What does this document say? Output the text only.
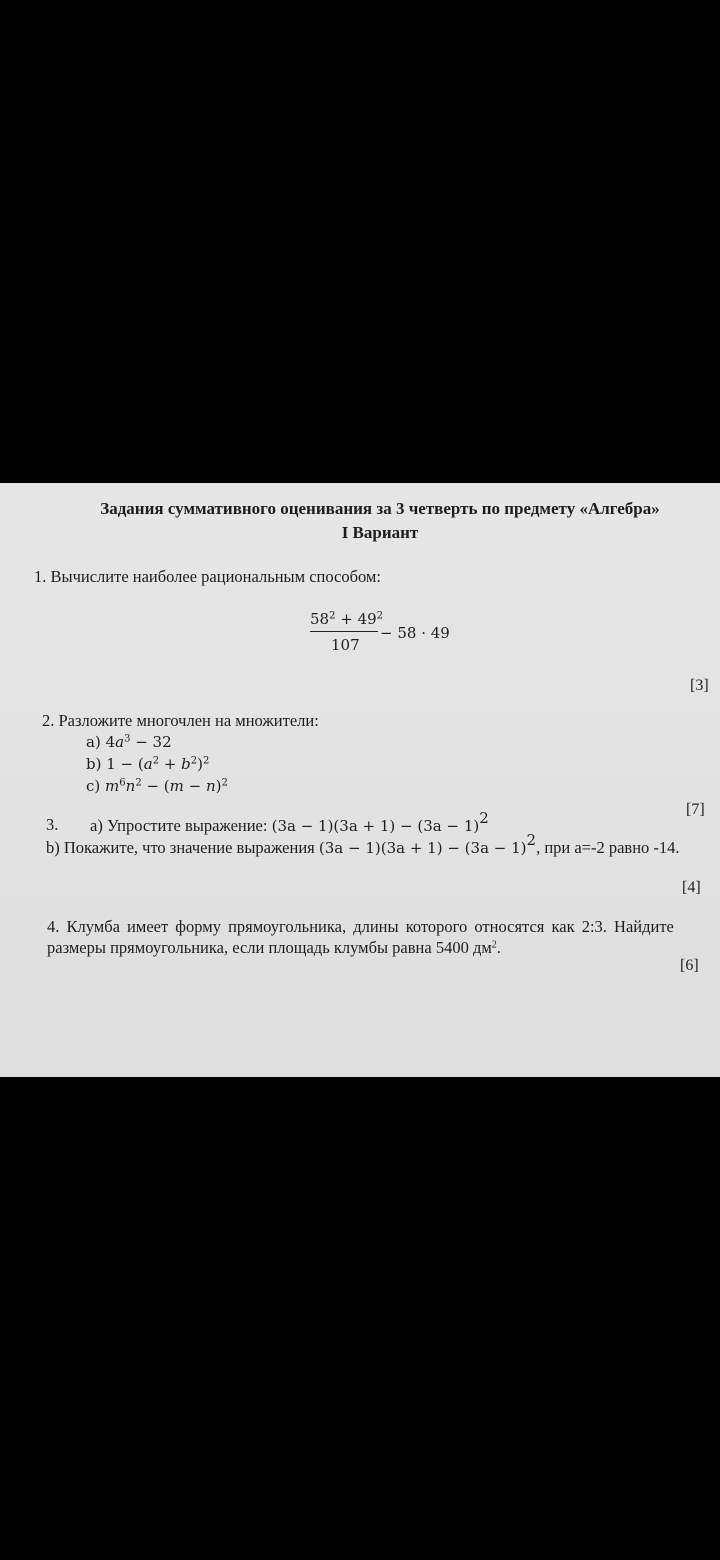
Задания суммативного оценивания за 3 четверть по предмету «Алгебра»
I Вариант
1. Вычислите наиболее рациональным способом:
$58^2 + 49^2$
107
− 58 · 49
[3]
2. Разложите многочлен на множители:
a) $4a^3 - 32$
b) $1 - (a^2 + b^2)^2$
c) $m^6n^2 - (m - n)^2$
[7]
3. a) Упростите выражение: $(3a - 1)(3a + 1) - (3a - 1)^2$
b) Покажите, что значение выражения $(3a - 1)(3a + 1) - (3a - 1)^2$, при a=-2 равно -14.
[4]
4. Клумба имеет форму прямоугольника, длины которого относятся как 2:3. Найдите
размеры прямоугольника, если площадь клумбы равна 5400 $дм^2$.
[6]
